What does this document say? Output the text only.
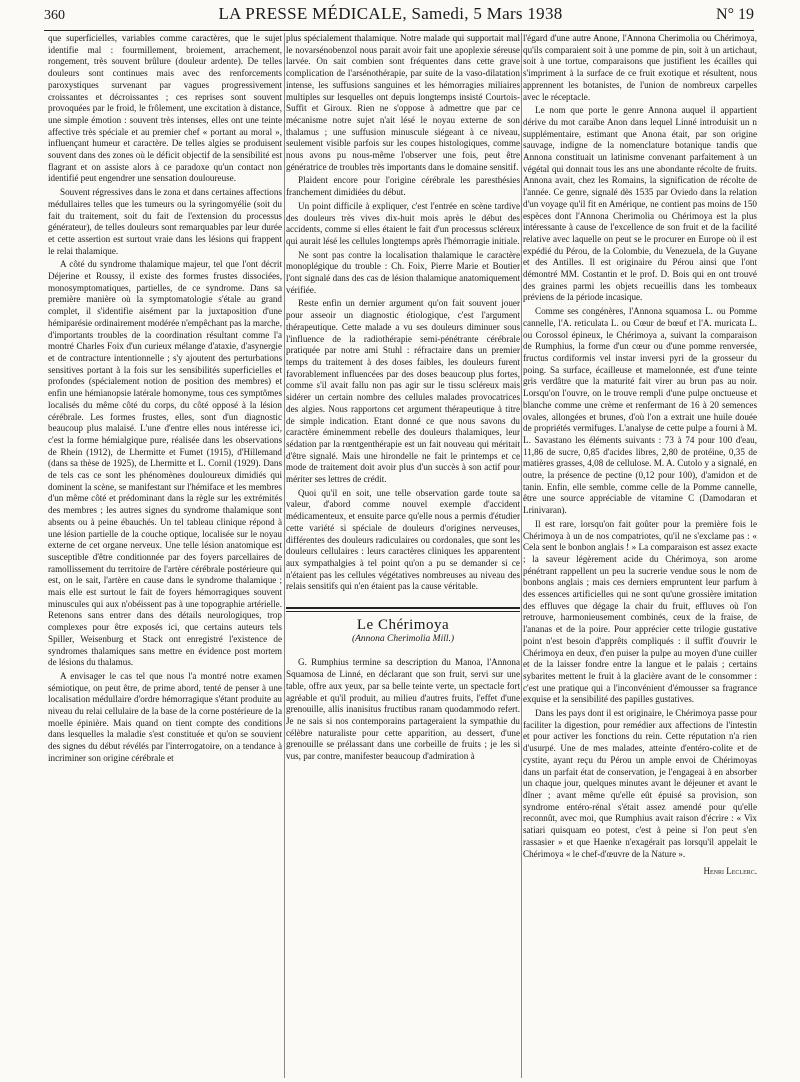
360	LA PRESSE MÉDICALE, Samedi, 5 Mars 1938	N° 19

que superficielles, variables comme caractères, que le sujet identifie mal : fourmillement, broiement, arrachement, rongement, très souvent brûlure (douleur ardente). De telles douleurs sont continues mais avec des renforcements paroxystiques survenant par vagues progressivement croissantes et décroissantes ; ces reprises sont souvent provoquées par le froid, le frôlement, une excitation à distance, une simple émotion : souvent très intenses, elles ont une teinte affective très spéciale et au premier chef « portant au moral », influençant humeur et caractère. De telles algies se produisent souvent dans des zones où le déficit objectif de la sensibilité est flagrant et on assiste alors à ce paradoxe qu'un contact non identifié peut engendrer une sensation douloureuse.

Souvent régressives dans le zona et dans certaines affections médullaires telles que les tumeurs ou la syringomyélie (soit du fait du traitement, soit du fait de l'extension du processus générateur), de telles douleurs sont remarquables par leur durée et cette assertion est surtout vraie dans les lésions qui frappent le relai thalamique.

A côté du syndrome thalamique majeur, tel que l'ont décrit Déjerine et Roussy, il existe des formes frustes dissociées, monosymptomatiques, partielles, de ce syndrome. Dans sa première manière où la symptomatologie s'étale au grand complet, il s'identifie aisément par la juxtaposition d'une hémiparésie ordinairement modérée n'empêchant pas la marche, d'importants troubles de la coordination résultant comme l'a montré Charles Foix d'un curieux mélange d'ataxie, d'asynergie et de contracture intentionnelle ; s'y ajoutent des perturbations sensitives portant à la fois sur les sensibilités superficielles et profondes (spécialement notion de position des membres) et enfin une hémianopsie latérale homonyme, tous ces symptômes localisés du même côté du corps, du côté opposé à la lésion cérébrale. Les formes frustes, elles, sont d'un diagnostic beaucoup plus malaisé. L'une d'entre elles nous intéresse ici, c'est la forme hémialgique pure, réalisée dans les observations de Rhein (1912), de Lhermitte et Fumet (1915), d'Hillemand (dans sa thèse de 1925), de Lhermitte et L. Cornil (1929). Dans de tels cas ce sont les phénomènes douloureux dimidiés qui dominent la scène, se manifestant sur l'hémiface et les membres d'un même côté et prédominant dans la règle sur les extrémités des membres ; les autres signes du syndrome thalamique sont absents ou à peine ébauchés. Un tel tableau clinique répond à une lésion partielle de la couche optique, localisée sur le noyau externe de cet organe nerveux. Une telle lésion anatomique est susceptible d'être conditionnée par des foyers parcellaires de ramollissement du territoire de l'artère cérébrale postérieure qui est, on le sait, l'artère en cause dans le syndrome thalamique ; mais elle est surtout le fait de foyers hémorragiques souvent minuscules qui aux n'obéissent pas à une topographie artérielle. Retenons sans entrer dans des détails neurologiques, trop complexes pour être exposés ici, que certains auteurs tels Spiller, Weisenburg et Stack ont enregistré l'existence de syndromes thalamiques sans mettre en évidence post mortem de lésions du thalamus.

A envisager le cas tel que nous l'a montré notre examen sémiotique, on peut être, de prime abord, tenté de penser à une localisation médullaire d'ordre hémorragique s'étant produite au niveau du relai cellulaire de la base de la corne postérieure de la moelle épinière. Mais quand on tient compte des conditions dans lesquelles la maladie s'est constituée et qu'on se souvient des signes du début révélés par l'interrogatoire, on a tendance à incriminer son origine cérébrale et

plus spécialement thalamique. Notre malade qui supportait mal le novarsénobenzol nous parait avoir fait une apoplexie séreuse larvée. On sait combien sont fréquentes dans cette grave complication de l'arsénothérapie, par suite de la vaso-dilatation intense, les suffusions sanguines et les hémorragies miliaires multiples sur lesquelles ont depuis longtemps insisté Courtois-Suffit et Giroux. Rien ne s'oppose à admettre que par ce mécanisme notre sujet n'ait lésé le noyau externe de son thalamus ; une suffusion minuscule siégeant à ce niveau, seulement visible parfois sur les coupes histologiques, comme nous avons pu nous-même l'observer une fois, peut être génératrice de troubles très importants dans le domaine sensitif.

Plaident encore pour l'origine cérébrale les paresthésies franchement dimidiées du début.

Un point difficile à expliquer, c'est l'entrée en scène tardive des douleurs très vives dix-huit mois après le début des accidents, comme si elles étaient le fait d'un processus scléreux qui aurait lésé les cellules longtemps après l'hémorragie initiale.

Ne sont pas contre la localisation thalamique le caractère monoplégique du trouble : Ch. Foix, Pierre Marie et Boutier l'ont signalé dans des cas de lésion thalamique anatomiquement vérifiée.

Reste enfin un dernier argument qu'on fait souvent jouer pour asseoir un diagnostic étiologique, c'est l'argument thérapeutique. Cette malade a vu ses douleurs diminuer sous l'influence de la radiothérapie semi-pénétrante cérébrale pratiquée par notre ami Stuhl : réfractaire dans un premier temps du traitement à des doses faibles, les douleurs furent favorablement influencées par des doses beaucoup plus fortes, comme s'il avait fallu non pas agir sur le tissu scléreux mais sidérer un certain nombre des cellules malades provocatrices des algies. Nous rapportons cet argument thérapeutique à titre de simple indication. Etant donné ce que nous savons du caractère éminemment rebelle des douleurs thalamiques, leur sédation par la rœntgenthérapie est un fait nouveau qui méritait d'être signalé. Mais une hirondelle ne fait le printemps et ce mode de traitement doit avoir plus d'un succès à son actif pour mériter ses lettres de crédit.

Quoi qu'il en soit, une telle observation garde toute sa valeur, d'abord comme nouvel exemple d'accident médicamenteux, et ensuite parce qu'elle nous a permis d'étudier cette variété si spéciale de douleurs d'origines nerveuses, différentes des douleurs radiculaires ou cordonales, que sont les douleurs cellulaires : leurs caractères cliniques les apparentent aux sympathalgies à tel point qu'on a pu se demander si ce n'étaient pas les cellules végétatives nombreuses au niveau des relais sensitifs qui n'en étaient pas la cause véritable.

Le Chérimoya
(Annona Cherimolia Mill.)

G. Rumphius termine sa description du Manoa, l'Annona Squamosa de Linné, en déclarant que son fruit, servi sur une table, offre aux yeux, par sa belle teinte verte, un spectacle fort agréable et qu'il produit, au milieu d'autres fruits, l'effet d'une grenouille, allis inanisitus fructibus ranam quodammodo refert. Je ne sais si nos contemporains partageraient la sympathie du célèbre naturaliste pour cette apparition, au dessert, d'une grenouille se prélassant dans une corbeille de fruits ; je les si vus, par contre, manifester beaucoup d'admiration à

l'égard d'une autre Anone, l'Annona Cherimolia ou Chérimoya, qu'ils comparaient soit à une pomme de pin, soit à un artichaut, soit à une tortue, comparaisons que justifient les écailles qui s'impriment à la surface de ce fruit exotique et résultent, nous apprennent les botanistes, de l'union de nombreux carpelles avec le réceptacle.

Le nom que porte le genre Annona auquel il appartient dérive du mot caraïbe Anon dans lequel Linné introduisit un n supplémentaire, estimant que Anona était, par son origine sauvage, indigne de la nomenclature botanique tandis que Annona constituait un latinisme convenant parfaitement à un végétal qui donnait tous les ans une abondante récolte de fruits. Annona avait, chez les Romains, la signification de récolte de l'année. Ce genre, signalé dès 1535 par Oviedo dans la relation d'un voyage qu'il fit en Amérique, ne contient pas moins de 150 espèces dont l'Annona Cherimolia ou Chérimoya est la plus intéressante à cause de l'excellence de son fruit et de la facilité relative avec laquelle on peut se le procurer en Europe où il est expédié du Pérou, de la Colombie, du Venezuela, de la Guyane et des Antilles. Il est originaire du Pérou ainsi que l'ont démontré MM. Costantin et le prof. D. Bois qui en ont trouvé des graines parmi les objets recueillis dans les tombeaux préviens de la période incasique.

Comme ses congénères, l'Annona squamosa L. ou Pomme cannelle, l'A. reticulata L. ou Cœur de bœuf et l'A. muricata L. ou Corossol épineux, le Chérimoya a, suivant la comparaison de Rumphius, la forme d'un cœur ou d'une pomme renversée, fructus cordiformis vel instar inversi pyri de la grosseur du poing. Sa surface, écailleuse et mamelonnée, est d'une teinte gris verdâtre que la maturité fait virer au brun pas au noir. Lorsqu'on l'ouvre, on le trouve rempli d'une pulpe onctueuse et blanche comme une crème et renfermant de 16 à 20 semences ovales, allongées et brunes, d'où l'on a extrait une huile douée de propriétés vermifuges. L'analyse de cette pulpe a fourni à M. L. Savastano les éléments suivants : 73 à 74 pour 100 d'eau, 11,86 de sucre, 0,85 d'acides libres, 2,80 de protéine, 0,35 de matières grasses, 4,08 de cellulose. M. A. Cutolo y a signalé, en outre, la présence de pectine (0,12 pour 100), d'amidon et de tanin. Enfin, elle semble, comme celle de la Pomme cannelle, être une source appréciable de vitamine C (Damodaran et Lrinivaran).

Il est rare, lorsqu'on fait goûter pour la première fois le Chérimoya à un de nos compatriotes, qu'il ne s'exclame pas : « Cela sent le bonbon anglais ! » La comparaison est assez exacte ; la saveur légèrement acide du Chérimoya, son arome pénétrant rappellent un peu la sucrerie vendue sous le nom de bonbons anglais ; mais ces derniers empruntent leur parfum à des essences artificielles qui ne sont qu'une grossière imitation des effluves que dégage la chair du fruit, effluves où l'on retrouve, harmonieusement combinés, ceux de la fraise, de l'ananas et de la poire. Pour apprécier cette trilogie gustative point n'est besoin d'apprêts compliqués : il suffit d'ouvrir le Chérimoya en deux, d'en puiser la pulpe au moyen d'une cuiller et de la laisser fondre entre la langue et le palais ; certains sybarites mettent le fruit à la glacière avant de le consommer : c'est une pratique qui a l'inconvénient d'émousser sa fragrance exquise et la sensibilité des papilles gustatives.

Dans les pays dont il est originaire, le Chérimoya passe pour faciliter la digestion, pour remédier aux affections de l'intestin et pour activer les fonctions du rein. Cette réputation n'a rien d'usurpé. Une de mes malades, atteinte d'entéro-colite et de cystite, ayant reçu du Pérou un ample envoi de Chérimoyas dans un parfait état de conservation, je l'engageai à en absorber un chaque jour, quelques minutes avant le déjeuner et avant le dîner ; avant même qu'elle eût épuisé sa provision, son syndrome entéro-rénal s'était assez amendé pour qu'elle reconnût, avec moi, que Rumphius avait raison d'écrire : « Vix satiari quisquam eo potest, c'est à peine si l'on peut s'en rassasier » et que Haenke n'exagérait pas lorsqu'il appelait le Chérimoya « le chef-d'œuvre de la Nature ».

Henri Leclerc.
